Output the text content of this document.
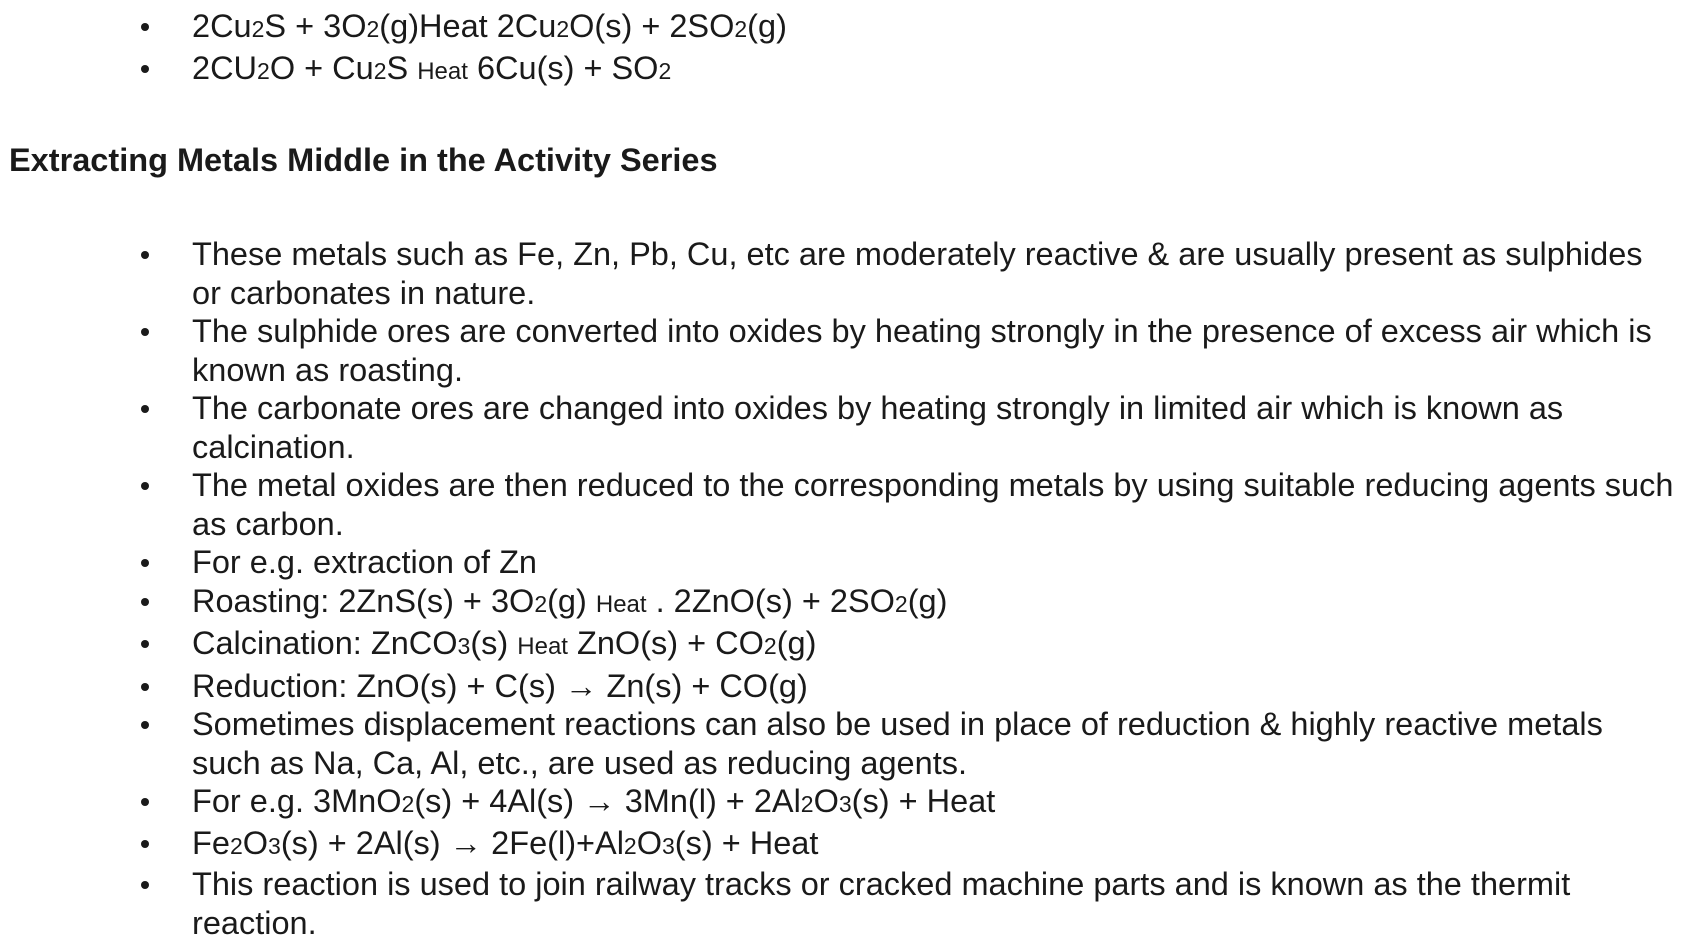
2Cu2S + 3O2(g)Heat 2Cu2O(s) + 2SO2(g)
2CU2O + Cu2S Heat 6Cu(s) + SO2
Extracting Metals Middle in the Activity Series
These metals such as Fe, Zn, Pb, Cu, etc are moderately reactive & are usually present as sulphides or carbonates in nature.
The sulphide ores are converted into oxides by heating strongly in the presence of excess air which is known as roasting.
The carbonate ores are changed into oxides by heating strongly in limited air which is known as calcination.
The metal oxides are then reduced to the corresponding metals by using suitable reducing agents such as carbon.
For e.g. extraction of Zn
Roasting: 2ZnS(s) + 3O2(g) Heat . 2ZnO(s) + 2SO2(g)
Calcination: ZnCO3(s) Heat ZnO(s) + CO2(g)
Reduction: ZnO(s) + C(s) → Zn(s) + CO(g)
Sometimes displacement reactions can also be used in place of reduction & highly reactive metals such as Na, Ca, Al, etc., are used as reducing agents.
For e.g. 3MnO2(s) + 4Al(s) → 3Mn(l) + 2Al2O3(s) + Heat
Fe2O3(s) + 2Al(s) → 2Fe(l)+Al2O3(s) + Heat
This reaction is used to join railway tracks or cracked machine parts and is known as the thermit reaction.
